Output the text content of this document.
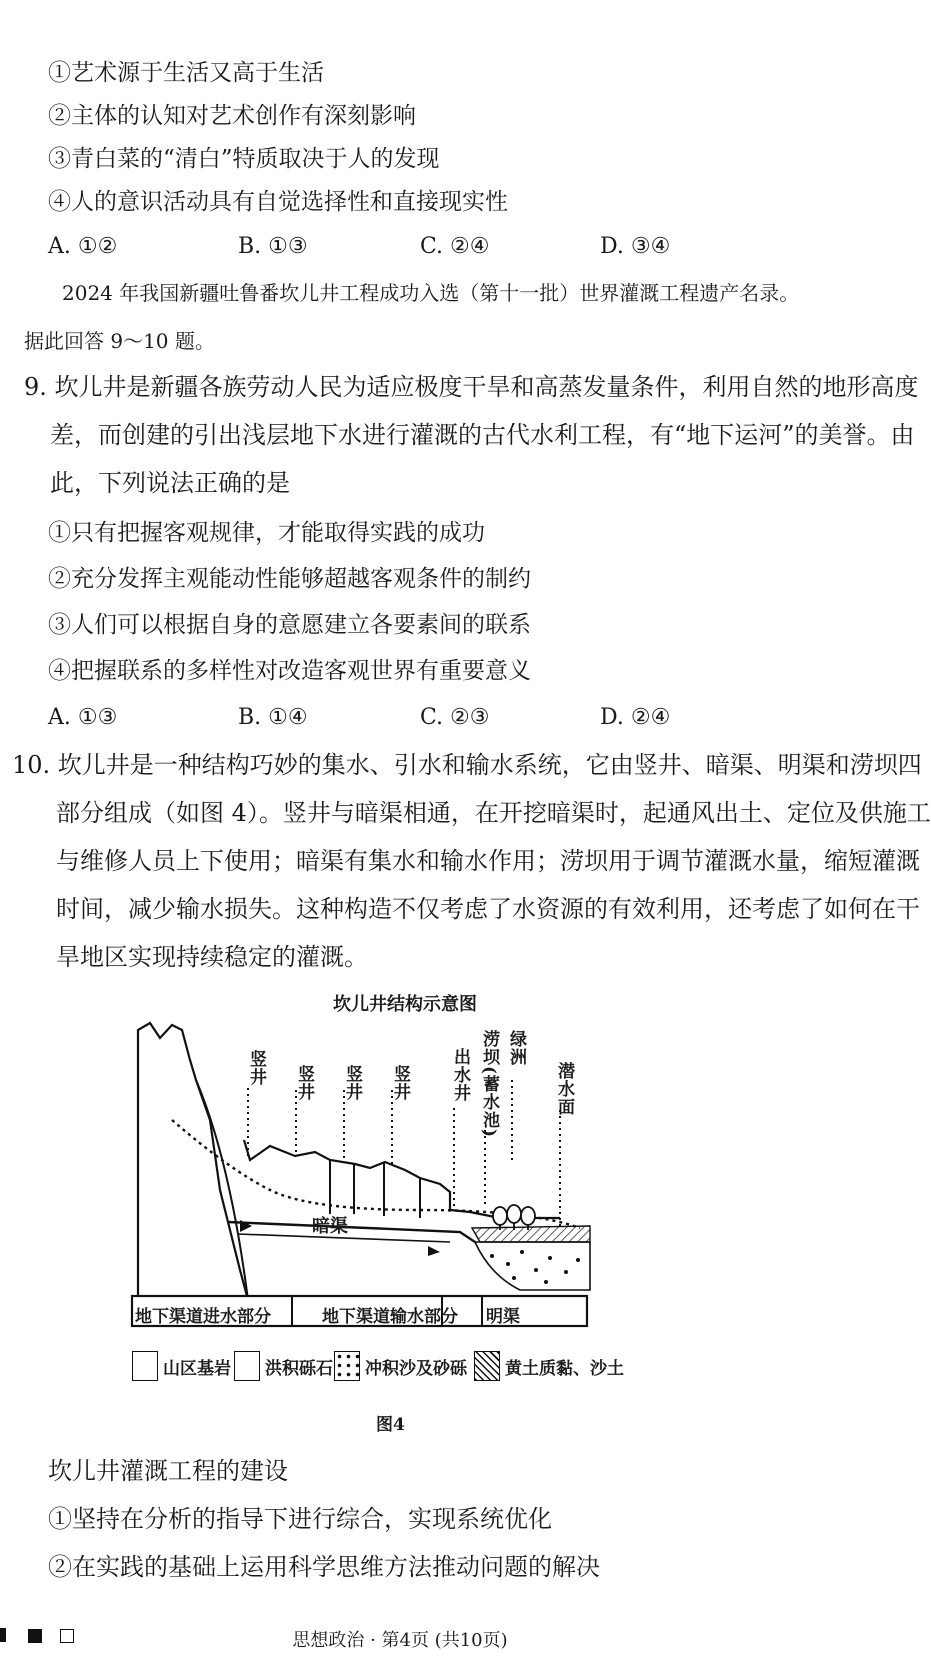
①艺术源于生活又高于生活
②主体的认知对艺术创作有深刻影响
③青白菜的“清白”特质取决于人的发现
④人的意识活动具有自觉选择性和直接现实性
A. ①②	B. ①③	C. ②④	D. ③④
2024 年我国新疆吐鲁番坎儿井工程成功入选（第十一批）世界灌溉工程遗产名录。
据此回答 9～10 题。
9. 坎儿井是新疆各族劳动人民为适应极度干旱和高蒸发量条件，利用自然的地形高度
差，而创建的引出浅层地下水进行灌溉的古代水利工程，有“地下运河”的美誉。由
此，下列说法正确的是
①只有把握客观规律，才能取得实践的成功
②充分发挥主观能动性能够超越客观条件的制约
③人们可以根据自身的意愿建立各要素间的联系
④把握联系的多样性对改造客观世界有重要意义
A. ①③	B. ①④	C. ②③	D. ②④
10. 坎儿井是一种结构巧妙的集水、引水和输水系统，它由竖井、暗渠、明渠和涝坝四
部分组成（如图 4）。竖井与暗渠相通，在开挖暗渠时，起通风出土、定位及供施工
与维修人员上下使用；暗渠有集水和输水作用；涝坝用于调节灌溉水量，缩短灌溉
时间，减少输水损失。这种构造不仅考虑了水资源的有效利用，还考虑了如何在干
旱地区实现持续稳定的灌溉。
坎儿井结构示意图
竖井 竖井 竖井 竖井 出水井 涝坝(蓄水池) 绿洲
潜水面
暗渠
地下渠道进水部分	地下渠道输水部分 明渠
山区基岩 洪积砾石 冲积沙及砂砾 黄土质黏、沙土
图4
坎儿井灌溉工程的建设
①坚持在分析的指导下进行综合，实现系统优化
②在实践的基础上运用科学思维方法推动问题的解决
思想政治 · 第4页 (共10页)
